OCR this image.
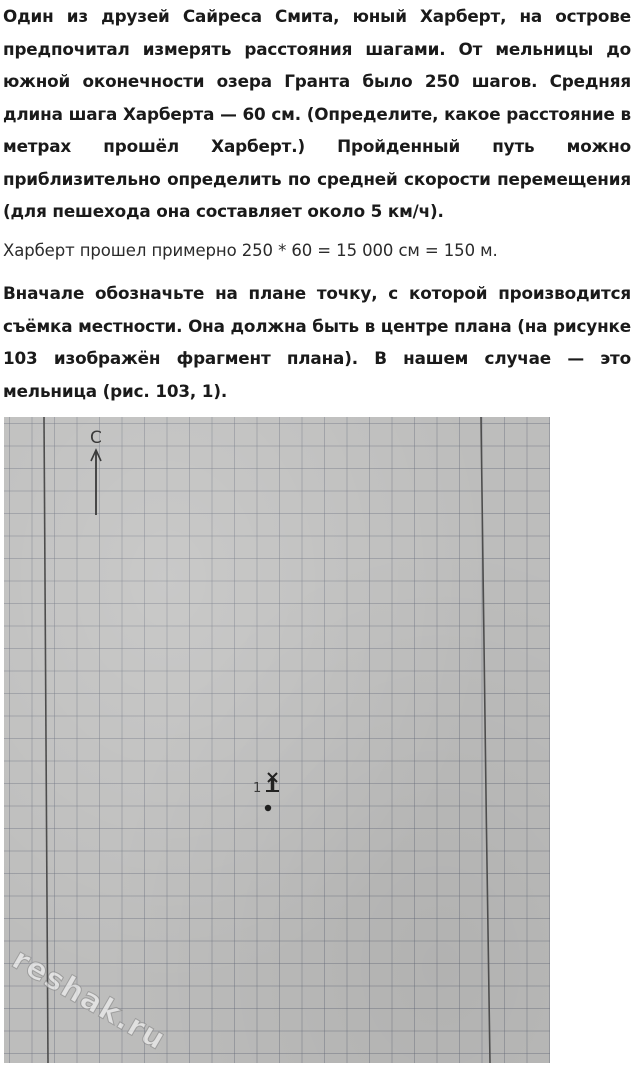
Один из друзей Сайреса Смита, юный Харберт, на острове предпочитал измерять расстояния шагами. От мельницы до южной оконечности озера Гранта было 250 шагов. Средняя длина шага Харберта — 60 см. (Определите, какое расстояние в метрах прошёл Харберт.) Пройденный путь можно приблизительно определить по средней скорости перемещения (для пешехода она составляет около 5 км/ч).

Харберт прошел примерно 250 * 60 = 15 000 см = 150 м.

Вначале обозначьте на плане точку, с которой производится съёмка местности. Она должна быть в центре плана (на рисунке 103 изображён фрагмент плана). В нашем случае — это мельница (рис. 103, 1).

С
1
reshak.ru
